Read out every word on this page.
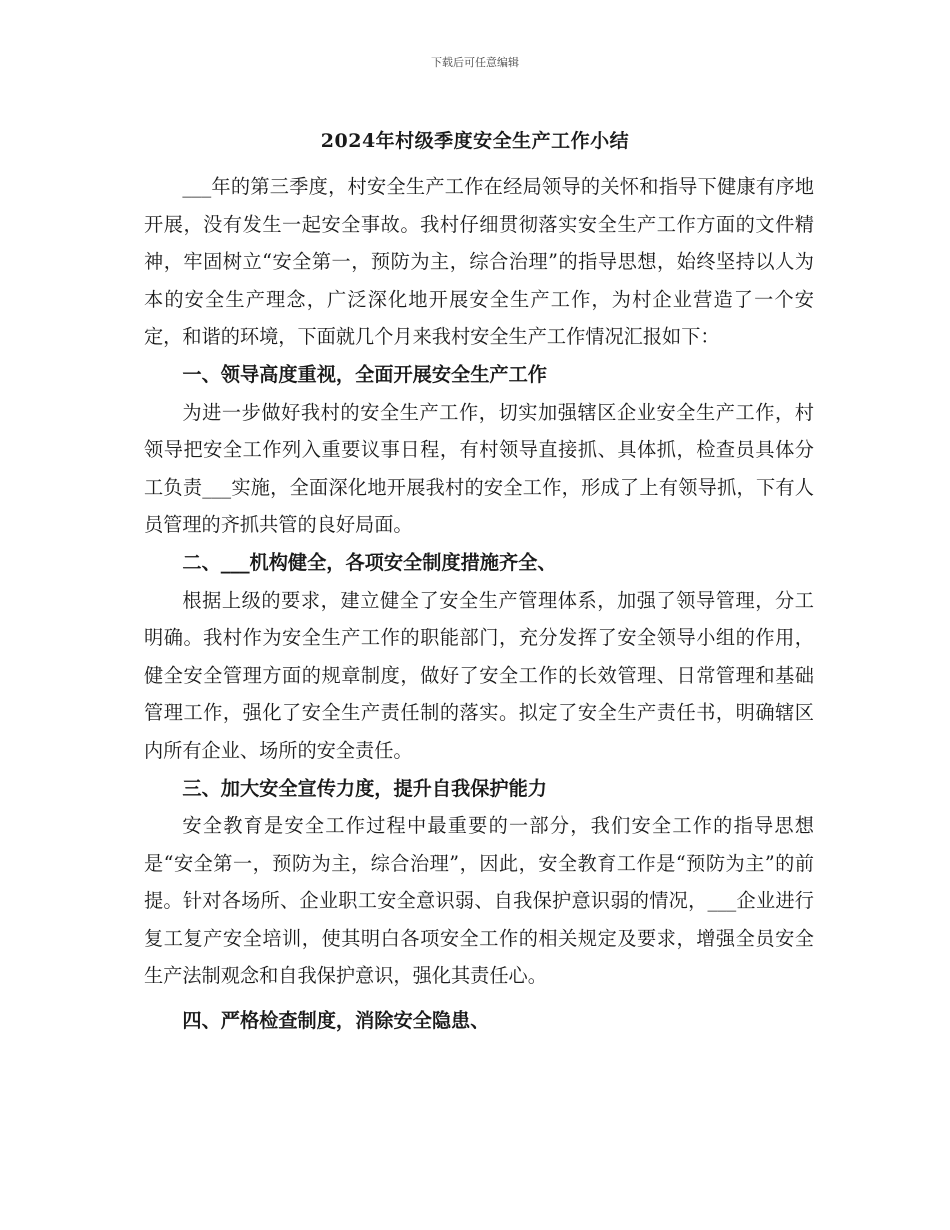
下载后可任意编辑
2024年村级季度安全生产工作小结

___年的第三季度，村安全生产工作在经局领导的关怀和指导下健康有序地开展，没有发生一起安全事故。我村仔细贯彻落实安全生产工作方面的文件精神，牢固树立“安全第一，预防为主，综合治理”的指导思想，始终坚持以人为本的安全生产理念，广泛深化地开展安全生产工作，为村企业营造了一个安定，和谐的环境，下面就几个月来我村安全生产工作情况汇报如下：

一、领导高度重视，全面开展安全生产工作

为进一步做好我村的安全生产工作，切实加强辖区企业安全生产工作，村领导把安全工作列入重要议事日程，有村领导直接抓、具体抓，检查员具体分工负责___实施，全面深化地开展我村的安全工作，形成了上有领导抓，下有人员管理的齐抓共管的良好局面。

二、___机构健全，各项安全制度措施齐全、

根据上级的要求，建立健全了安全生产管理体系，加强了领导管理，分工明确。我村作为安全生产工作的职能部门，充分发挥了安全领导小组的作用，健全安全管理方面的规章制度，做好了安全工作的长效管理、日常管理和基础管理工作，强化了安全生产责任制的落实。拟定了安全生产责任书，明确辖区内所有企业、场所的安全责任。

三、加大安全宣传力度，提升自我保护能力

安全教育是安全工作过程中最重要的一部分，我们安全工作的指导思想是“安全第一，预防为主，综合治理”，因此，安全教育工作是“预防为主”的前提。针对各场所、企业职工安全意识弱、自我保护意识弱的情况，___企业进行复工复产安全培训，使其明白各项安全工作的相关规定及要求，增强全员安全生产法制观念和自我保护意识，强化其责任心。

四、严格检查制度，消除安全隐患、
